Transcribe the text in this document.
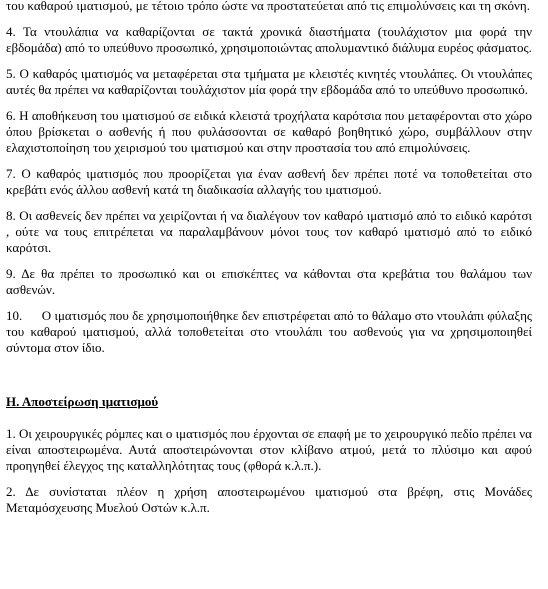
του καθαρού ιματισμού, με τέτοιο τρόπο ώστε να προστατεύεται από τις επιμολύνσεις και τη σκόνη.

4. Τα ντουλάπια να καθαρίζονται σε τακτά χρονικά διαστήματα (τουλάχιστον μια φορά την εβδομάδα) από το υπεύθυνο προσωπικό, χρησιμοποιώντας απολυμαντικό διάλυμα ευρέος φάσματος.

5. Ο καθαρός ιματισμός να μεταφέρεται στα τμήματα με κλειστές κινητές ντουλάπες. Οι ντουλάπες αυτές θα πρέπει να καθαρίζονται τουλάχιστον μία φορά την εβδομάδα από το υπεύθυνο προσωπικό.

6. Η αποθήκευση του ιματισμού σε ειδικά κλειστά τροχήλατα καρότσια που μεταφέρονται στο χώρο όπου βρίσκεται ο ασθενής ή που φυλάσσονται σε καθαρό βοηθητικό χώρο, συμβάλλουν στην ελαχιστοποίηση του χειρισμού του ιματισμού και στην προστασία του από επιμολύνσεις.

7. Ο καθαρός ιματισμός που προορίζεται για έναν ασθενή δεν πρέπει ποτέ να τοποθετείται στο κρεβάτι ενός άλλου ασθενή κατά τη διαδικασία αλλαγής του ιματισμού.

8. Οι ασθενείς δεν πρέπει να χειρίζονται ή να διαλέγουν τον καθαρό ιματισμό από το ειδικό καρότσι , ούτε να τους επιτρέπεται να παραλαμβάνουν μόνοι τους τον καθαρό ιματισμό από το ειδικό καρότσι.

9. Δε θα πρέπει το προσωπικό και οι επισκέπτες να κάθονται στα κρεβάτια του θαλάμου των ασθενών.

10. Ο ιματισμός που δε χρησιμοποιήθηκε δεν επιστρέφεται από το θάλαμο στο ντουλάπι φύλαξης του καθαρού ιματισμού, αλλά τοποθετείται στο ντουλάπι του ασθενούς για να χρησιμοποιηθεί σύντομα στον ίδιο.

Η. Αποστείρωση ιματισμού

1. Οι χειρουργικές ρόμπες και ο ιματισμός που έρχονται σε επαφή με το χειρουργικό πεδίο πρέπει να είναι αποστειρωμένα. Αυτά αποστειρώνονται στον κλίβανο ατμού, μετά το πλύσιμο και αφού προηγηθεί έλεγχος της καταλληλότητας τους (φθορά κ.λ.π.).

2. Δε συνίσταται πλέον η χρήση αποστειρωμένου ιματισμού στα βρέφη, στις Μονάδες Μεταμόσχευσης Μυελού Οστών κ.λ.π.
